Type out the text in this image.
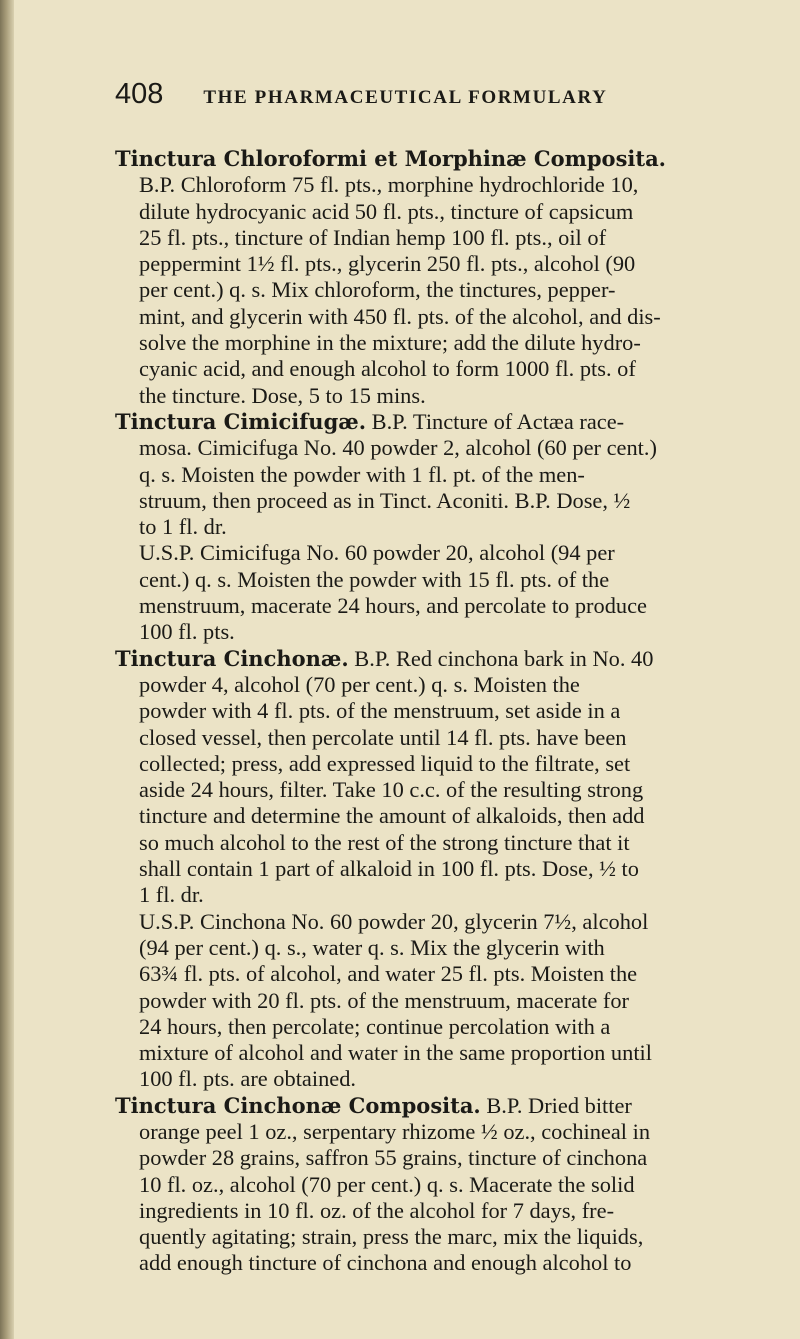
408 THE PHARMACEUTICAL FORMULARY
Tinctura Chloroformi et Morphinæ Composita.
B.P. Chloroform 75 fl. pts., morphine hydrochloride 10,
dilute hydrocyanic acid 50 fl. pts., tincture of capsicum
25 fl. pts., tincture of Indian hemp 100 fl. pts., oil of
peppermint 1½ fl. pts., glycerin 250 fl. pts., alcohol (90
per cent.) q. s. Mix chloroform, the tinctures, pepper-
mint, and glycerin with 450 fl. pts. of the alcohol, and dis-
solve the morphine in the mixture; add the dilute hydro-
cyanic acid, and enough alcohol to form 1000 fl. pts. of
the tincture. Dose, 5 to 15 mins.
Tinctura Cimicifugæ. B.P. Tincture of Actæa race-
mosa. Cimicifuga No. 40 powder 2, alcohol (60 per cent.)
q. s. Moisten the powder with 1 fl. pt. of the men-
struum, then proceed as in Tinct. Aconiti. B.P. Dose, ½
to 1 fl. dr.
U.S.P. Cimicifuga No. 60 powder 20, alcohol (94 per
cent.) q. s. Moisten the powder with 15 fl. pts. of the
menstruum, macerate 24 hours, and percolate to produce
100 fl. pts.
Tinctura Cinchonæ. B.P. Red cinchona bark in No. 40
powder 4, alcohol (70 per cent.) q. s. Moisten the
powder with 4 fl. pts. of the menstruum, set aside in a
closed vessel, then percolate until 14 fl. pts. have been
collected; press, add expressed liquid to the filtrate, set
aside 24 hours, filter. Take 10 c.c. of the resulting strong
tincture and determine the amount of alkaloids, then add
so much alcohol to the rest of the strong tincture that it
shall contain 1 part of alkaloid in 100 fl. pts. Dose, ½ to
1 fl. dr.
U.S.P. Cinchona No. 60 powder 20, glycerin 7½, alcohol
(94 per cent.) q. s., water q. s. Mix the glycerin with
63¾ fl. pts. of alcohol, and water 25 fl. pts. Moisten the
powder with 20 fl. pts. of the menstruum, macerate for
24 hours, then percolate; continue percolation with a
mixture of alcohol and water in the same proportion until
100 fl. pts. are obtained.
Tinctura Cinchonæ Composita. B.P. Dried bitter
orange peel 1 oz., serpentary rhizome ½ oz., cochineal in
powder 28 grains, saffron 55 grains, tincture of cinchona
10 fl. oz., alcohol (70 per cent.) q. s. Macerate the solid
ingredients in 10 fl. oz. of the alcohol for 7 days, fre-
quently agitating; strain, press the marc, mix the liquids,
add enough tincture of cinchona and enough alcohol to
